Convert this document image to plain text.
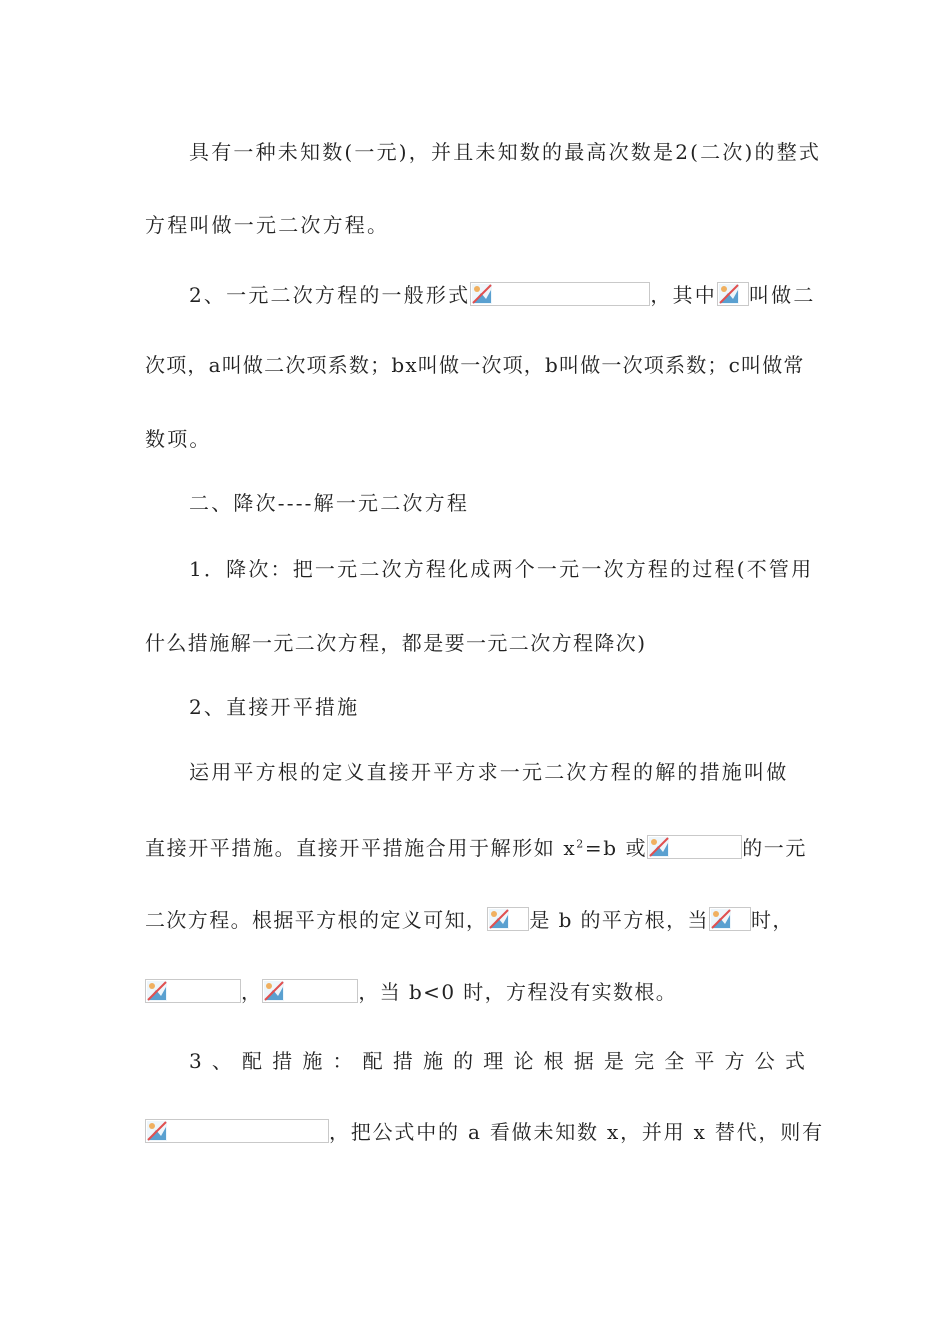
具有一种未知数(一元)，并且未知数的最高次数是2(二次)的整式
方程叫做一元二次方程。
2、一元二次方程的一般形式	，其中 叫做二
次项，a叫做二次项系数；bx叫做一次项，b叫做一次项系数；c叫做常
数项。
二、降次----解一元二次方程
1．降次：把一元二次方程化成两个一元一次方程的过程(不管用
什么措施解一元二次方程，都是要一元二次方程降次)
2、直接开平措施
运用平方根的定义直接开平方求一元二次方程的解的措施叫做
直接开平措施。直接开平措施合用于解形如 $x^2=b$ 或	的一元
二次方程。根据平方根的定义可知， 是 b 的平方根，当 时，
，	，当 b<0 时，方程没有实数根。
3 、 配 措 施 ： 配 措 施 的 理 论 根 据 是 完 全 平 方 公 式
，把公式中的 a 看做未知数 x，并用 x 替代，则有
